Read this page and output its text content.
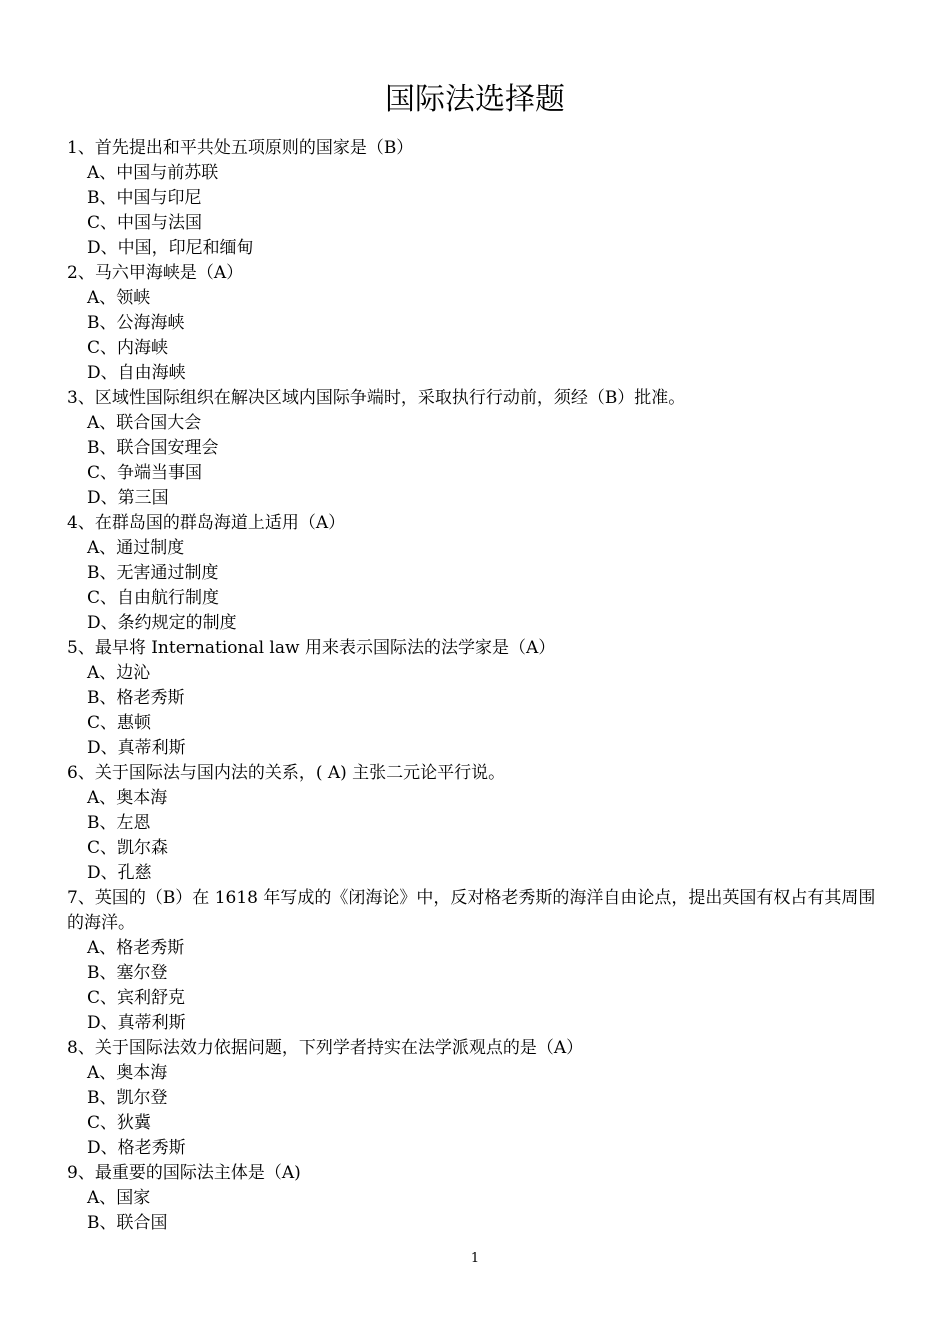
国际法选择题

1、首先提出和平共处五项原则的国家是（B）

A、中国与前苏联

B、中国与印尼

C、中国与法国

D、中国，印尼和缅甸

2、马六甲海峡是（A）

A、领峡

B、公海海峡

C、内海峡

D、自由海峡

3、区域性国际组织在解决区域内国际争端时，采取执行行动前，须经（B）批准。

A、联合国大会

B、联合国安理会

C、争端当事国

D、第三国

4、在群岛国的群岛海道上适用（A）

A、通过制度

B、无害通过制度

C、自由航行制度

D、条约规定的制度

5、最早将 International law 用来表示国际法的法学家是（A）

A、边沁

B、格老秀斯

C、惠顿

D、真蒂利斯

6、关于国际法与国内法的关系，( A) 主张二元论平行说。

A、奥本海

B、左恩

C、凯尔森

D、孔慈

7、英国的（B）在 1618 年写成的《闭海论》中，反对格老秀斯的海洋自由论点，提出英国有权占有其周围的海洋。

A、格老秀斯

B、塞尔登

C、宾利舒克

D、真蒂利斯

8、关于国际法效力依据问题，下列学者持实在法学派观点的是（A）

A、奥本海

B、凯尔登

C、狄冀

D、格老秀斯

9、最重要的国际法主体是（A)

A、国家

B、联合国

1
